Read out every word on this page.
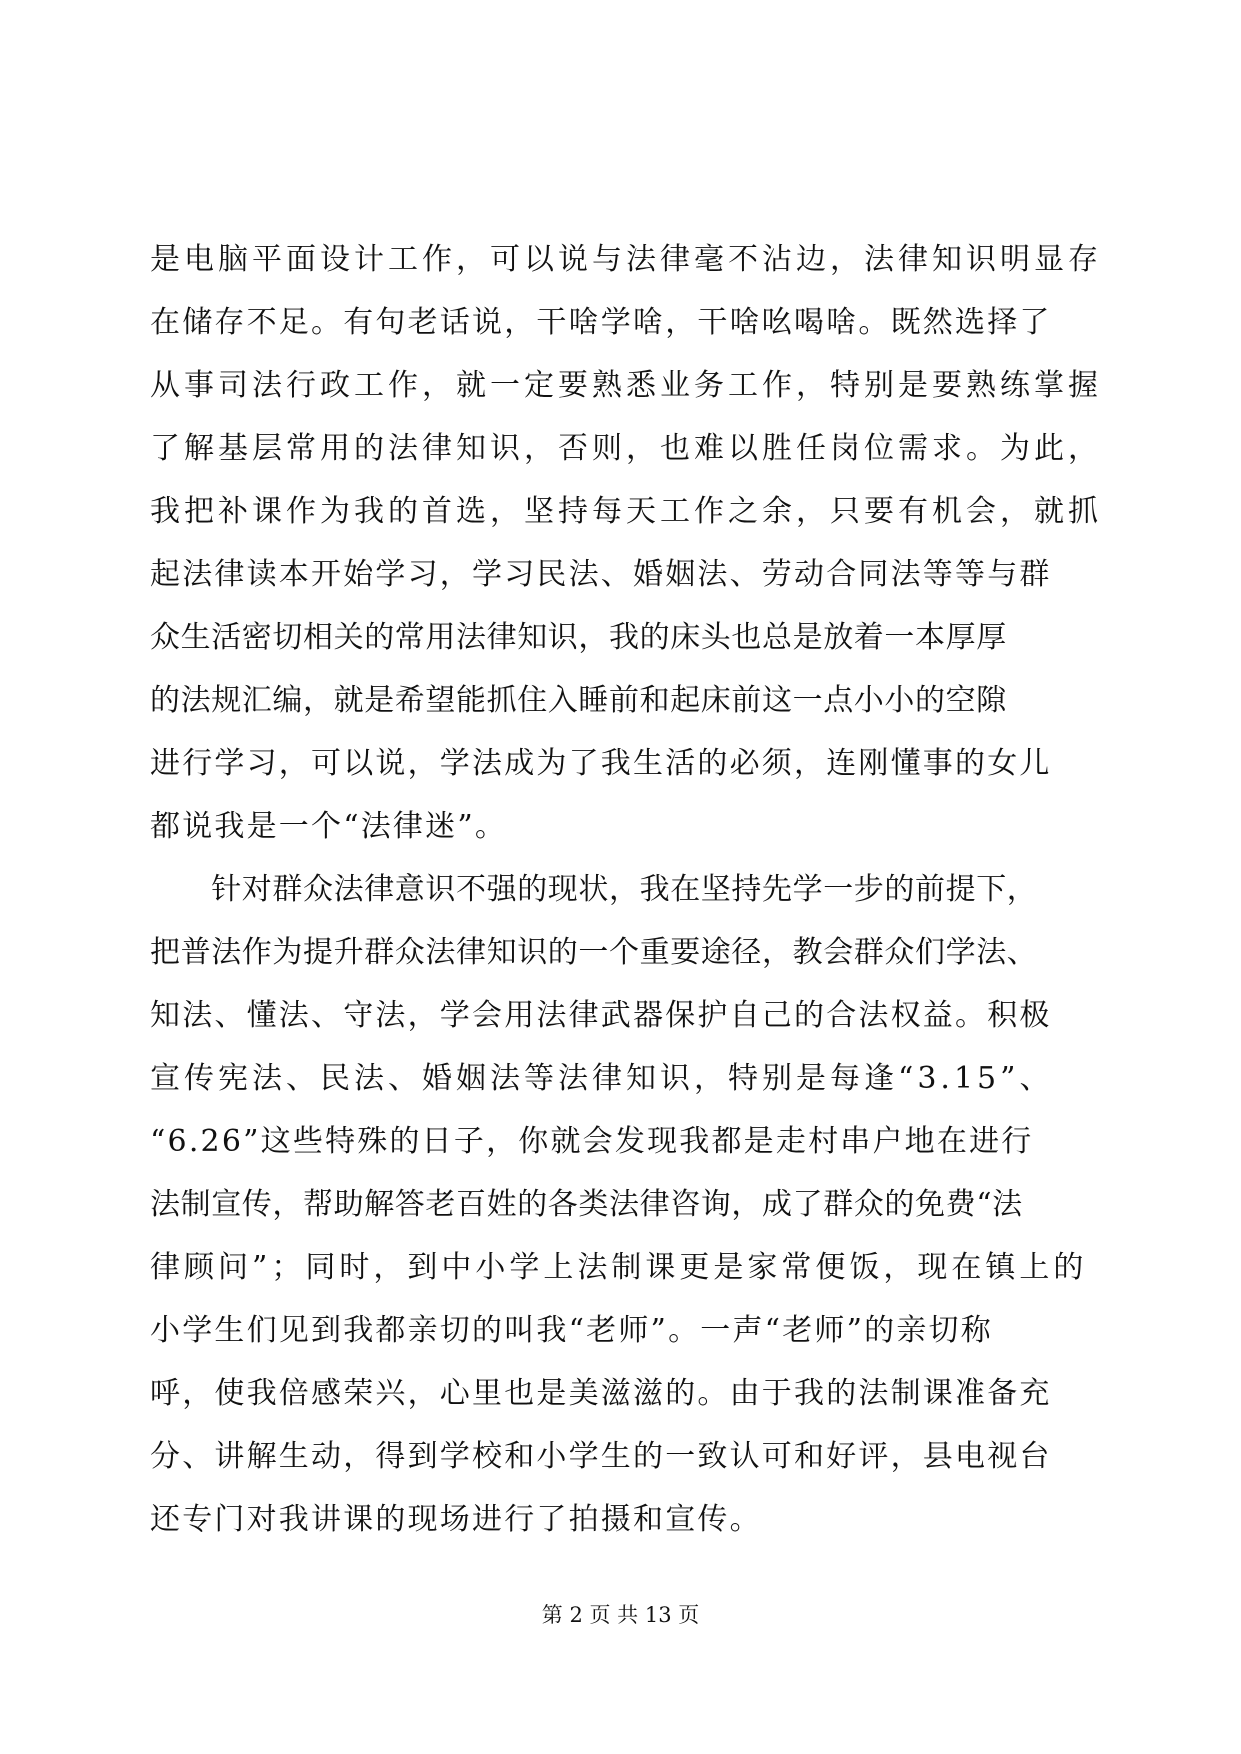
是电脑平面设计工作，可以说与法律毫不沾边，法律知识明显存
在储存不足。有句老话说，干啥学啥，干啥吆喝啥。既然选择了
从事司法行政工作，就一定要熟悉业务工作，特别是要熟练掌握
了解基层常用的法律知识，否则，也难以胜任岗位需求。为此，
我把补课作为我的首选，坚持每天工作之余，只要有机会，就抓
起法律读本开始学习，学习民法、婚姻法、劳动合同法等等与群
众生活密切相关的常用法律知识，我的床头也总是放着一本厚厚
的法规汇编，就是希望能抓住入睡前和起床前这一点小小的空隙
进行学习，可以说，学法成为了我生活的必须，连刚懂事的女儿
都说我是一个“法律迷”。
　　针对群众法律意识不强的现状，我在坚持先学一步的前提下，
把普法作为提升群众法律知识的一个重要途径，教会群众们学法、
知法、懂法、守法，学会用法律武器保护自己的合法权益。积极
宣传宪法、民法、婚姻法等法律知识，特别是每逢“3.15”、
“6.26”这些特殊的日子，你就会发现我都是走村串户地在进行
法制宣传，帮助解答老百姓的各类法律咨询，成了群众的免费“法
律顾问”；同时，到中小学上法制课更是家常便饭，现在镇上的
小学生们见到我都亲切的叫我“老师”。一声“老师”的亲切称
呼，使我倍感荣兴，心里也是美滋滋的。由于我的法制课准备充
分、讲解生动，得到学校和小学生的一致认可和好评，县电视台
还专门对我讲课的现场进行了拍摄和宣传。
第 2 页 共 13 页
